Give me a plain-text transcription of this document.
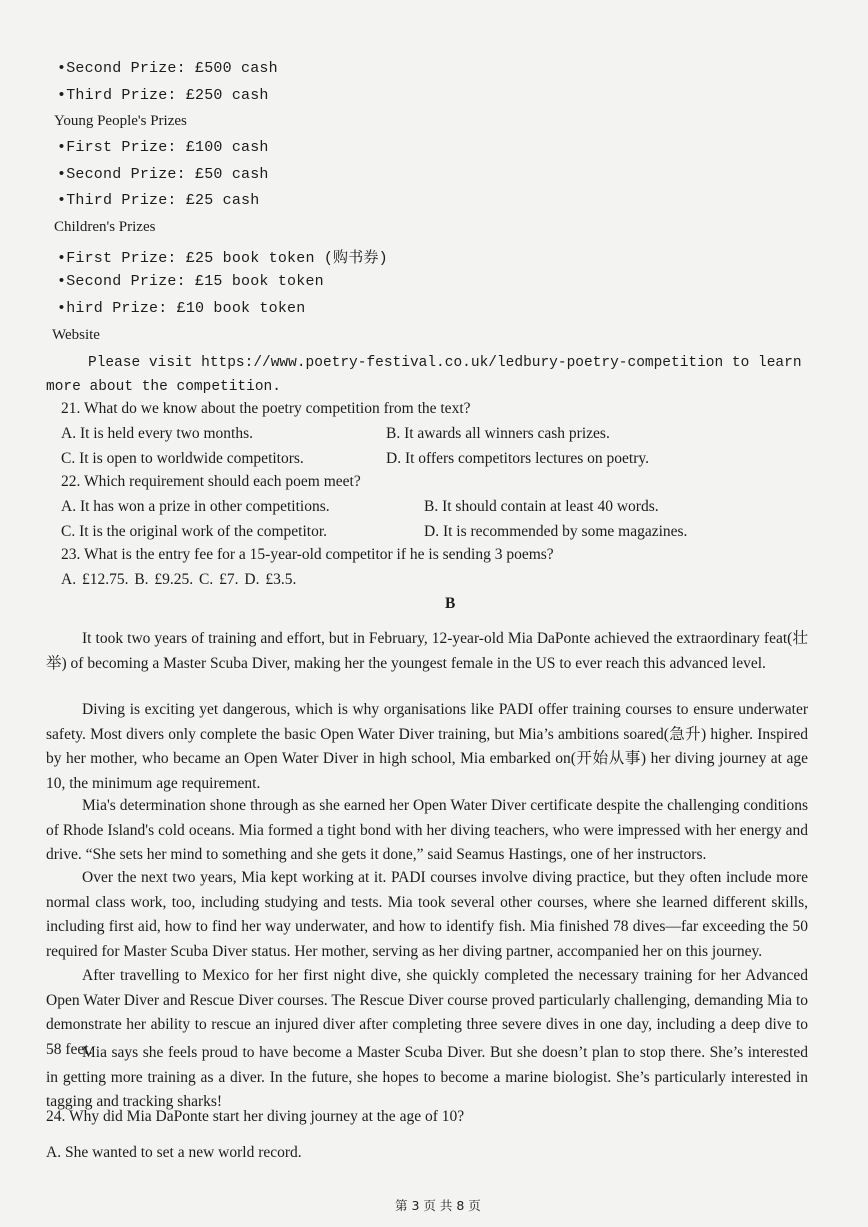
•Second Prize: £500 cash
•Third Prize: £250 cash
Young People's Prizes
•First Prize: £100 cash
•Second Prize: £50 cash
•Third Prize: £25 cash
Children's Prizes
•First Prize: £25 book token (购书券)
•Second Prize: £15 book token
•hird Prize: £10 book token
Website
Please visit https://www.poetry-festival.co.uk/ledbury-poetry-competition to learn more about the competition.
21. What do we know about the poetry competition from the text?
A. It is held every two months.	B. It awards all winners cash prizes.
C. It is open to worldwide competitors.	D. It offers competitors lectures on poetry.
22. Which requirement should each poem meet?
A. It has won a prize in other competitions.	B. It should contain at least 40 words.
C. It is the original work of the competitor.	D. It is recommended by some magazines.
23. What is the entry fee for a 15-year-old competitor if he is sending 3 poems?
A. £12.75. B. £9.25. C. £7. D. £3.5.
B
It took two years of training and effort, but in February, 12-year-old Mia DaPonte achieved the extraordinary feat(壮举) of becoming a Master Scuba Diver, making her the youngest female in the US to ever reach this advanced level.
Diving is exciting yet dangerous, which is why organisations like PADI offer training courses to ensure underwater safety. Most divers only complete the basic Open Water Diver training, but Mia’s ambitions soared(急升) higher. Inspired by her mother, who became an Open Water Diver in high school, Mia embarked on(开始从事) her diving journey at age 10, the minimum age requirement.
Mia's determination shone through as she earned her Open Water Diver certificate despite the challenging conditions of Rhode Island's cold oceans. Mia formed a tight bond with her diving teachers, who were impressed with her energy and drive. “She sets her mind to something and she gets it done,” said Seamus Hastings, one of her instructors.
Over the next two years, Mia kept working at it. PADI courses involve diving practice, but they often include more normal class work, too, including studying and tests. Mia took several other courses, where she learned different skills, including first aid, how to find her way underwater, and how to identify fish. Mia finished 78 dives—far exceeding the 50 required for Master Scuba Diver status. Her mother, serving as her diving partner, accompanied her on this journey.
After travelling to Mexico for her first night dive, she quickly completed the necessary training for her Advanced Open Water Diver and Rescue Diver courses. The Rescue Diver course proved particularly challenging, demanding Mia to demonstrate her ability to rescue an injured diver after completing three severe dives in one day, including a deep dive to 58 feet.
Mia says she feels proud to have become a Master Scuba Diver. But she doesn’t plan to stop there. She’s interested in getting more training as a diver. In the future, she hopes to become a marine biologist. She’s particularly interested in tagging and tracking sharks!
24. Why did Mia DaPonte start her diving journey at the age of 10?
A. She wanted to set a new world record.
第 3 页 共 8 页
